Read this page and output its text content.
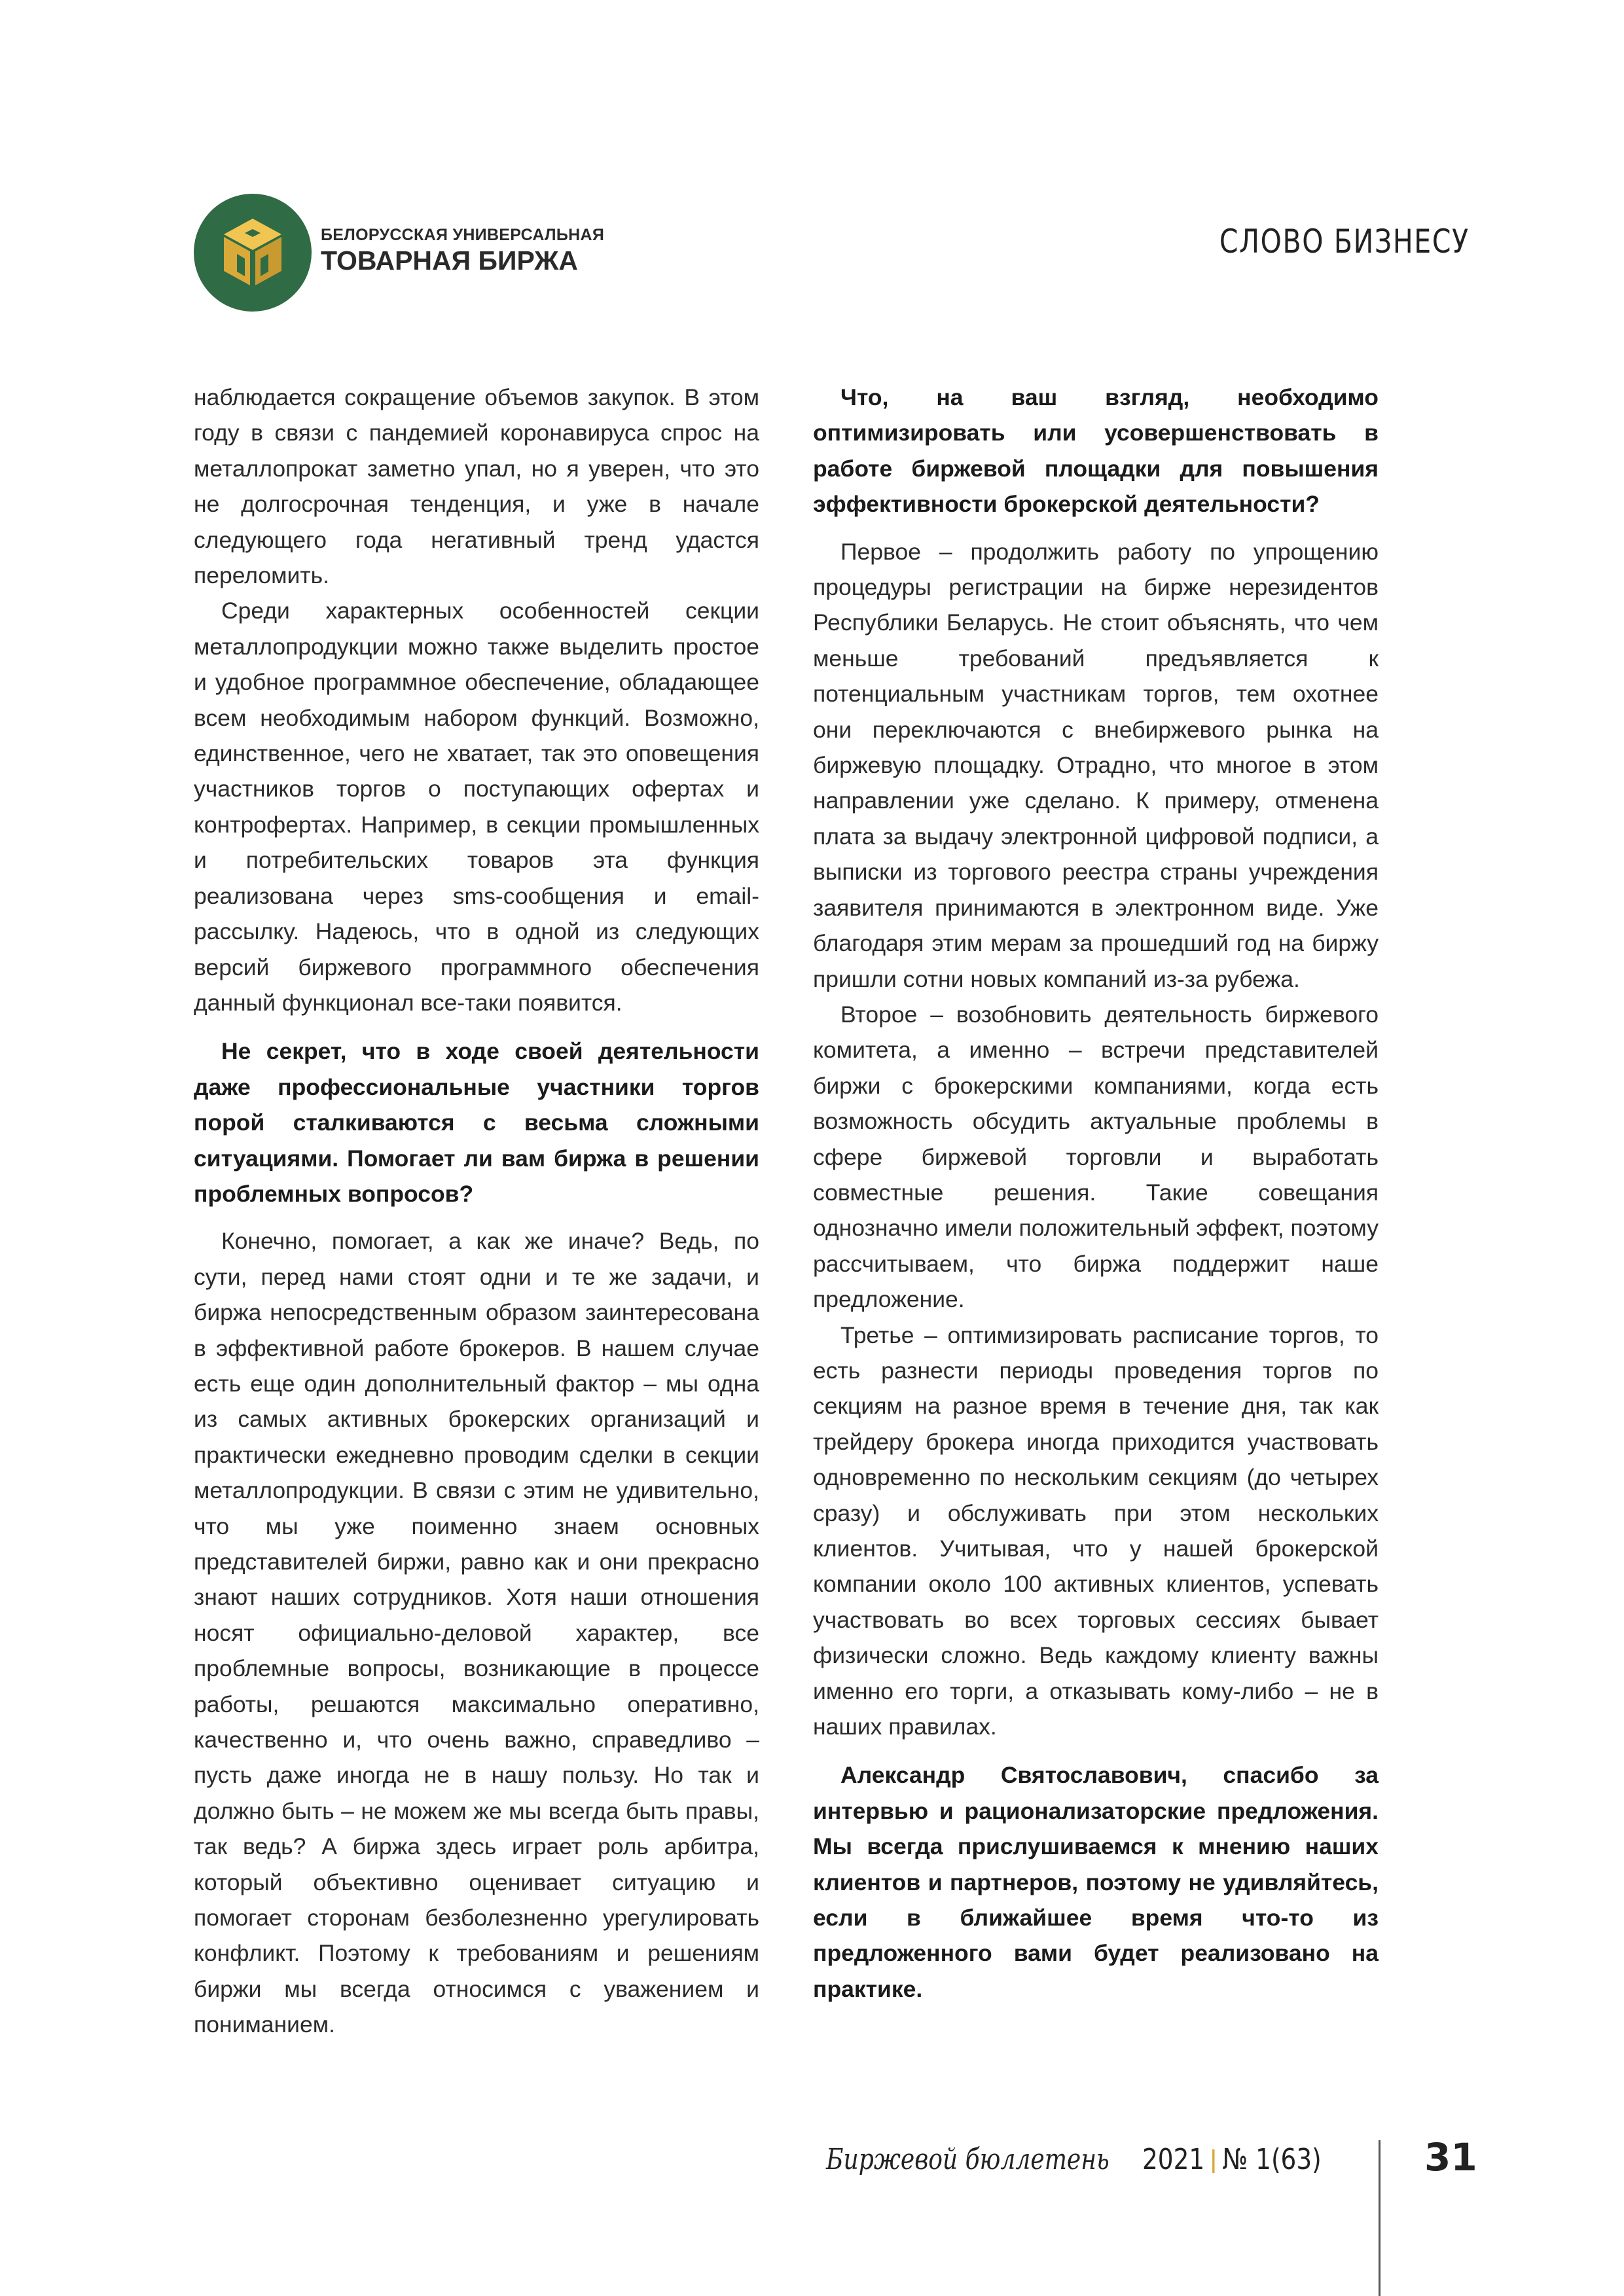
БЕЛОРУССКАЯ УНИВЕРСАЛЬНАЯ
ТОВАРНАЯ БИРЖА	СЛОВО БИЗНЕСУ

наблюдается сокращение объемов закупок. В этом году в связи с пандемией коронавируса спрос на металлопрокат заметно упал, но я уверен, что это не долгосрочная тенденция, и уже в начале следующего года негативный тренд удастся переломить.

Среди характерных особенностей секции металлопродукции можно также выделить простое и удобное программное обеспечение, обладающее всем необходимым набором функций. Возможно, единственное, чего не хватает, так это оповещения участников торгов о поступающих офертах и контрофертах. Например, в секции промышленных и потребительских товаров эта функция реализована через sms-сообщения и email-рассылку. Надеюсь, что в одной из следующих версий биржевого программного обеспечения данный функционал все-таки появится.

Не секрет, что в ходе своей деятельности даже профессиональные участники торгов порой сталкиваются с весьма сложными ситуациями. Помогает ли вам биржа в решении проблемных вопросов?

Конечно, помогает, а как же иначе? Ведь, по сути, перед нами стоят одни и те же задачи, и биржа непосредственным образом заинтересована в эффективной работе брокеров. В нашем случае есть еще один дополнительный фактор – мы одна из самых активных брокерских организаций и практически ежедневно проводим сделки в секции металлопродукции. В связи с этим не удивительно, что мы уже поименно знаем основных представителей биржи, равно как и они прекрасно знают наших сотрудников. Хотя наши отношения носят официально-деловой характер, все проблемные вопросы, возникающие в процессе работы, решаются максимально оперативно, качественно и, что очень важно, справедливо – пусть даже иногда не в нашу пользу. Но так и должно быть – не можем же мы всегда быть правы, так ведь? А биржа здесь играет роль арбитра, который объективно оценивает ситуацию и помогает сторонам безболезненно урегулировать конфликт. Поэтому к требованиям и решениям биржи мы всегда относимся с уважением и пониманием.

Что, на ваш взгляд, необходимо оптимизировать или усовершенствовать в работе биржевой площадки для повышения эффективности брокерской деятельности?

Первое – продолжить работу по упрощению процедуры регистрации на бирже нерезидентов Республики Беларусь. Не стоит объяснять, что чем меньше требований предъявляется к потенциальным участникам торгов, тем охотнее они переключаются с внебиржевого рынка на биржевую площадку. Отрадно, что многое в этом направлении уже сделано. К примеру, отменена плата за выдачу электронной цифровой подписи, а выписки из торгового реестра страны учреждения заявителя принимаются в электронном виде. Уже благодаря этим мерам за прошедший год на биржу пришли сотни новых компаний из-за рубежа.

Второе – возобновить деятельность биржевого комитета, а именно – встречи представителей биржи с брокерскими компаниями, когда есть возможность обсудить актуальные проблемы в сфере биржевой торговли и выработать совместные решения. Такие совещания однозначно имели положительный эффект, поэтому рассчитываем, что биржа поддержит наше предложение.

Третье – оптимизировать расписание торгов, то есть разнести периоды проведения торгов по секциям на разное время в течение дня, так как трейдеру брокера иногда приходится участвовать одновременно по нескольким секциям (до четырех сразу) и обслуживать при этом нескольких клиентов. Учитывая, что у нашей брокерской компании около 100 активных клиентов, успевать участвовать во всех торговых сессиях бывает физически сложно. Ведь каждому клиенту важны именно его торги, а отказывать кому-либо – не в наших правилах.

Александр Святославович, спасибо за интервью и рационализаторские предложения. Мы всегда прислушиваемся к мнению наших клиентов и партнеров, поэтому не удивляйтесь, если в ближайшее время что-то из предложенного вами будет реализовано на практике.

Биржевой бюллетень 2021 № 1(63)	31
